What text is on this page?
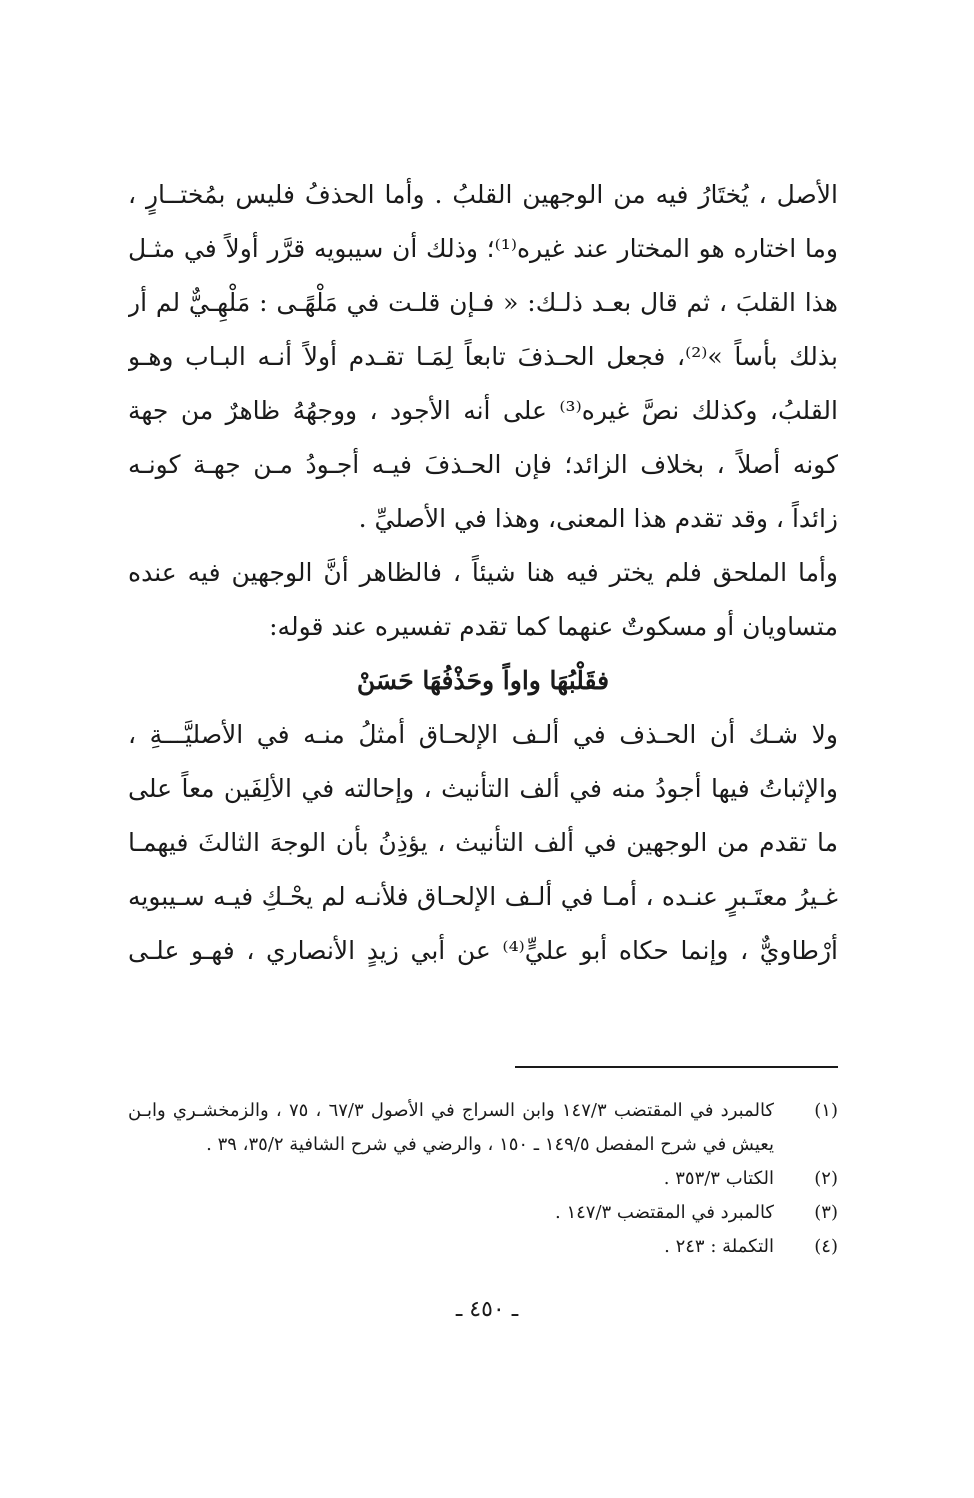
الأصل ، يُختَارُ فيه من الوجهين القلبُ . وأما الحذفُ فليس بمُختــارٍ ،
وما اختاره هو المختار عند غيره⁽¹⁾؛ وذلك أن سيبويه قرَّر أولاً في مثـل
هذا القلبَ ، ثم قال بعـد ذلـك: « فـإن قلـت في مَلْهًـى : مَلْهِـيٌّ لم أر
بذلك بأساً »⁽²⁾، فجعل الحـذفَ تابعاً لِمَـا تقـدم أولاً أنـه البـاب وهـو
القلبُ، وكذلك نصَّ غيره⁽³⁾ على أنه الأجود ، ووجهُهُ ظاهرٌ من جهة
كونه أصلاً ، بخلاف الزائد؛ فإن الحـذفَ فيـه أجـودُ مـن جهـة كونـه
زائداً ، وقد تقدم هذا المعنى، وهذا في الأصليِّ .
وأما الملحق فلم يختر فيه هنا شيئاً ، فالظاهر أنَّ الوجهين فيه عنده
متساويان أو مسكوتٌ عنهما كما تقدم تفسيره عند قوله:
فقَلْبُهَا واواً وحَذْفُهَا حَسَنْ
ولا شـك أن الحـذف في ألـف الإلحـاق أمثلُ منـه في الأصليَّـــةِ ،
والإثباتُ فيها أجودُ منه في ألف التأنيث ، وإحالته في الألِفَين معاً على
ما تقدم من الوجهين في ألف التأنيث ، يؤذِنُ بأن الوجهَ الثالثَ فيهمـا
غـيرُ معتَـبرٍ عنـده ، أمـا في ألـف الإلحـاق فلأنـه لم يحْـكِ فيـه سـيبويه
أرْطاويٌّ ، وإنما حكاه أبو عليٍّ⁽⁴⁾ عن أبي زيدٍ الأنصاري ، فهـو علـى
(١)
كالمبرد في المقتضب ١٤٧/٣ وابن السراج في الأصول ٦٧/٣ ، ٧٥ ، والزمخشـري وابـن
يعيش في شرح المفصل ١٤٩/٥ ـ ١٥٠ ، والرضي في شرح الشافية ٣٥/٢، ٣٩ .
(٢)
الكتاب ٣٥٣/٣ .
(٣)
كالمبرد في المقتضب ١٤٧/٣ .
(٤)
التكملة : ٢٤٣ .
ـ ٤٥٠ ـ
